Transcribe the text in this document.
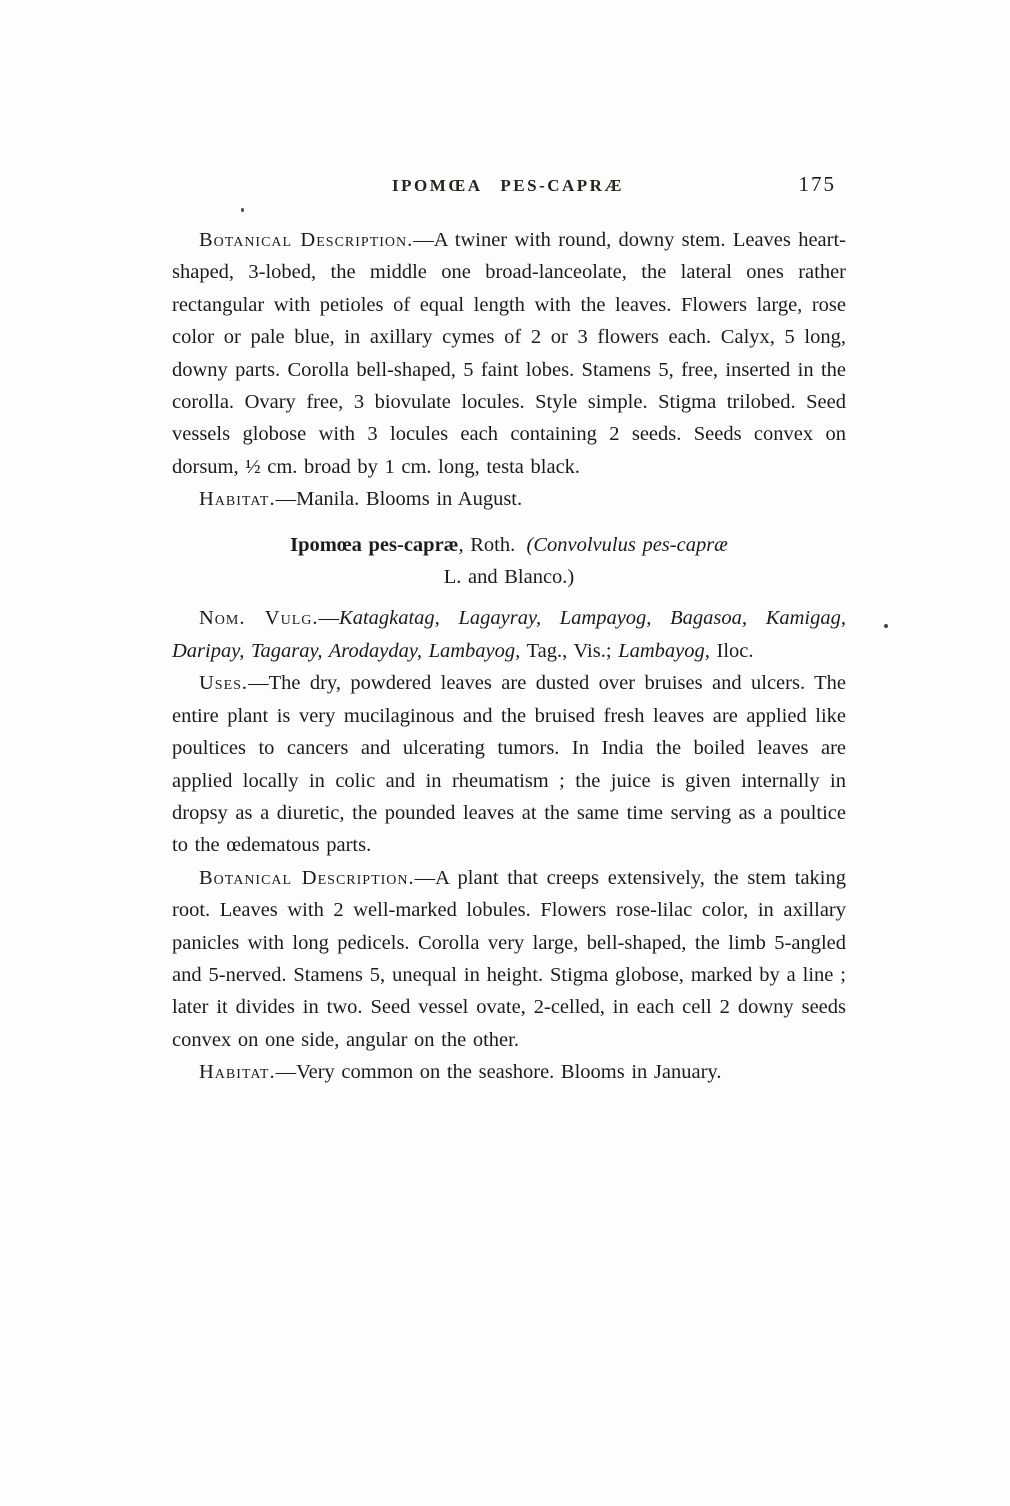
IPOMŒA PES-CAPRÆ	175

Botanical Description.—A twiner with round, downy stem. Leaves heart-shaped, 3-lobed, the middle one broad-lanceolate, the lateral ones rather rectangular with petioles of equal length with the leaves. Flowers large, rose color or pale blue, in axillary cymes of 2 or 3 flowers each. Calyx, 5 long, downy parts. Corolla bell-shaped, 5 faint lobes. Stamens 5, free, inserted in the corolla. Ovary free, 3 biovulate locules. Style simple. Stigma trilobed. Seed vessels globose with 3 locules each containing 2 seeds. Seeds convex on dorsum, ½ cm. broad by 1 cm. long, testa black.

Habitat.—Manila. Blooms in August.

Ipomœa pes-capræ, Roth. (Convolvulus pes-capræ
L. and Blanco.)

Nom. Vulg.—Katagkatag, Lagayray, Lampayog, Bagasoa, Kamigag, Daripay, Tagaray, Arodayday, Lambayog, Tag., Vis.; Lambayog, Iloc.

Uses.—The dry, powdered leaves are dusted over bruises and ulcers. The entire plant is very mucilaginous and the bruised fresh leaves are applied like poultices to cancers and ulcerating tumors. In India the boiled leaves are applied locally in colic and in rheumatism ; the juice is given internally in dropsy as a diuretic, the pounded leaves at the same time serving as a poultice to the œdematous parts.

Botanical Description.—A plant that creeps extensively, the stem taking root. Leaves with 2 well-marked lobules. Flowers rose-lilac color, in axillary panicles with long pedicels. Corolla very large, bell-shaped, the limb 5-angled and 5-nerved. Stamens 5, unequal in height. Stigma globose, marked by a line ; later it divides in two. Seed vessel ovate, 2-celled, in each cell 2 downy seeds convex on one side, angular on the other.

Habitat.—Very common on the seashore. Blooms in January.
